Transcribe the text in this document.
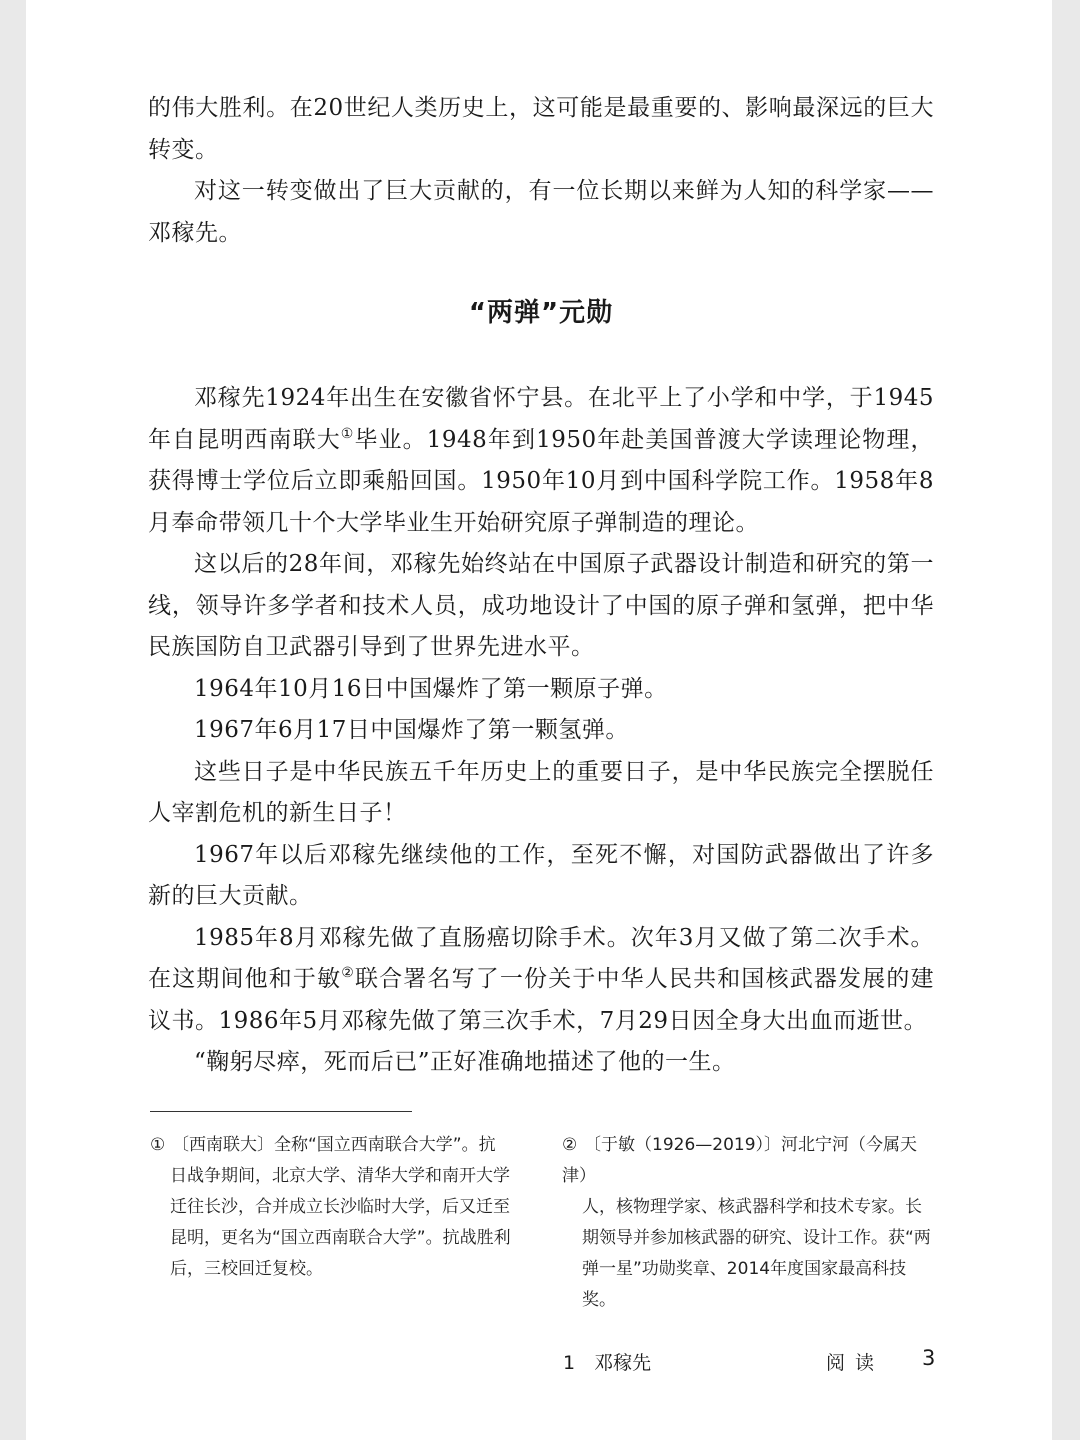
的伟大胜利。在20世纪人类历史上，这可能是最重要的、影响最深远的巨大转变。

对这一转变做出了巨大贡献的，有一位长期以来鲜为人知的科学家——邓稼先。

“两弹”元勋

邓稼先1924年出生在安徽省怀宁县。在北平上了小学和中学，于1945年自昆明西南联大①毕业。1948年到1950年赴美国普渡大学读理论物理，获得博士学位后立即乘船回国。1950年10月到中国科学院工作。1958年8月奉命带领几十个大学毕业生开始研究原子弹制造的理论。

这以后的28年间，邓稼先始终站在中国原子武器设计制造和研究的第一线，领导许多学者和技术人员，成功地设计了中国的原子弹和氢弹，把中华民族国防自卫武器引导到了世界先进水平。

1964年10月16日中国爆炸了第一颗原子弹。

1967年6月17日中国爆炸了第一颗氢弹。

这些日子是中华民族五千年历史上的重要日子，是中华民族完全摆脱任人宰割危机的新生日子！

1967年以后邓稼先继续他的工作，至死不懈，对国防武器做出了许多新的巨大贡献。

1985年8月邓稼先做了直肠癌切除手术。次年3月又做了第二次手术。在这期间他和于敏②联合署名写了一份关于中华人民共和国核武器发展的建议书。1986年5月邓稼先做了第三次手术，7月29日因全身大出血而逝世。

“鞠躬尽瘁，死而后已”正好准确地描述了他的一生。

① 〔西南联大〕全称“国立西南联合大学”。抗
日战争期间，北京大学、清华大学和南开大学迁往长沙，合并成立长沙临时大学，后又迁至昆明，更名为“国立西南联合大学”。抗战胜利后，三校回迁复校。
② 〔于敏（1926—2019）〕河北宁河（今属天津）
人，核物理学家、核武器科学和技术专家。长期领导并参加核武器的研究、设计工作。获“两弹一星”功勋奖章、2014年度国家最高科技奖。
1　邓稼先	阅 读 3
